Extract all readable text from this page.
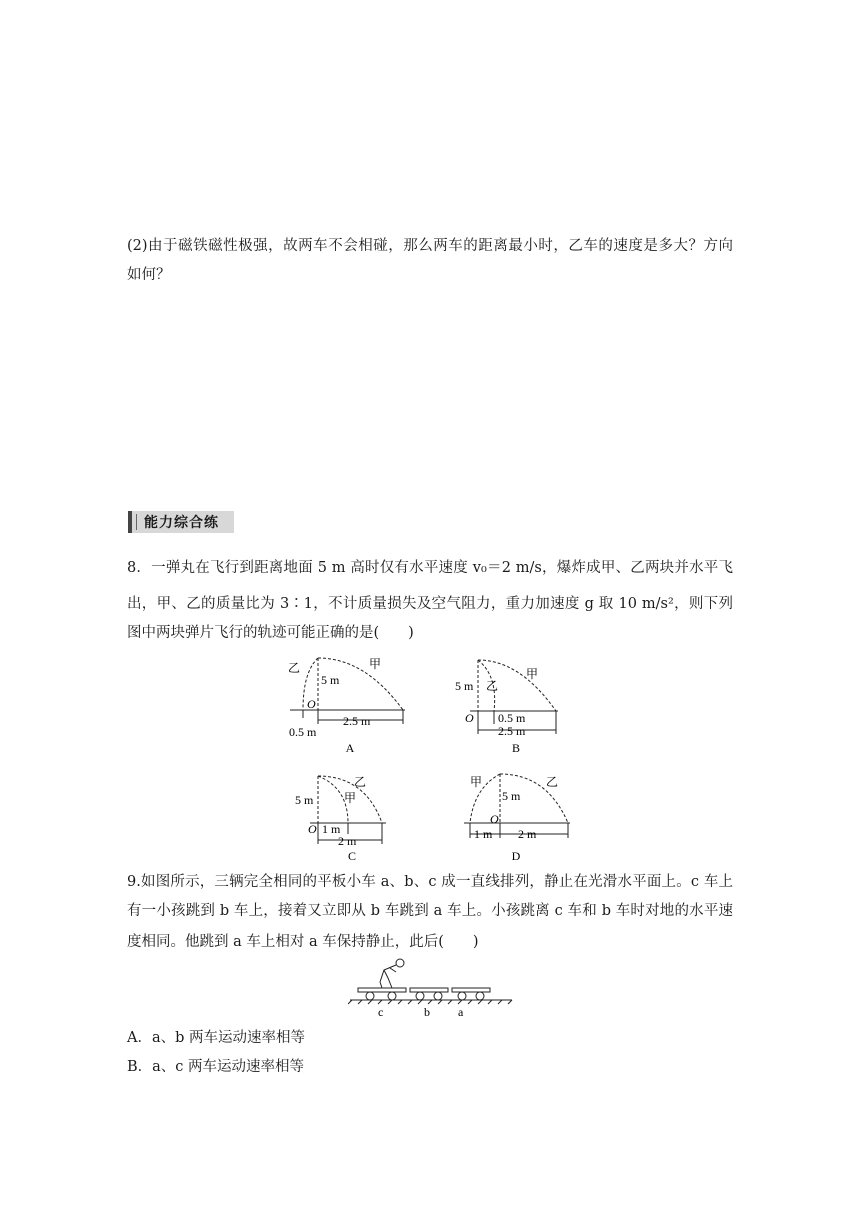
(2)由于磁铁磁性极强，故两车不会相碰，那么两车的距离最小时，乙车的速度是多大？方向
如何？
能力综合练
8．一弹丸在飞行到距离地面 5 m 高时仅有水平速度 v₀＝2 m/s，爆炸成甲、乙两块并水平飞
出，甲、乙的质量比为 3∶1，不计质量损失及空气阻力，重力加速度 g 取 10 m/s²，则下列
图中两块弹片飞行的轨迹可能正确的是(　　)
乙	甲
5 m
O
2.5 m
0.5 m
A
5 m
甲
乙
O 0.5 m
2.5 m
B
5 m
乙
甲
O 1 m
2 m
C
甲	乙
5 m
O
1 m 2 m
D
9.如图所示，三辆完全相同的平板小车 a、b、c 成一直线排列，静止在光滑水平面上。c 车上
有一小孩跳到 b 车上，接着又立即从 b 车跳到 a 车上。小孩跳离 c 车和 b 车时对地的水平速
度相同。他跳到 a 车上相对 a 车保持静止，此后(　　)
c	b a
A．a、b 两车运动速率相等
B．a、c 两车运动速率相等
